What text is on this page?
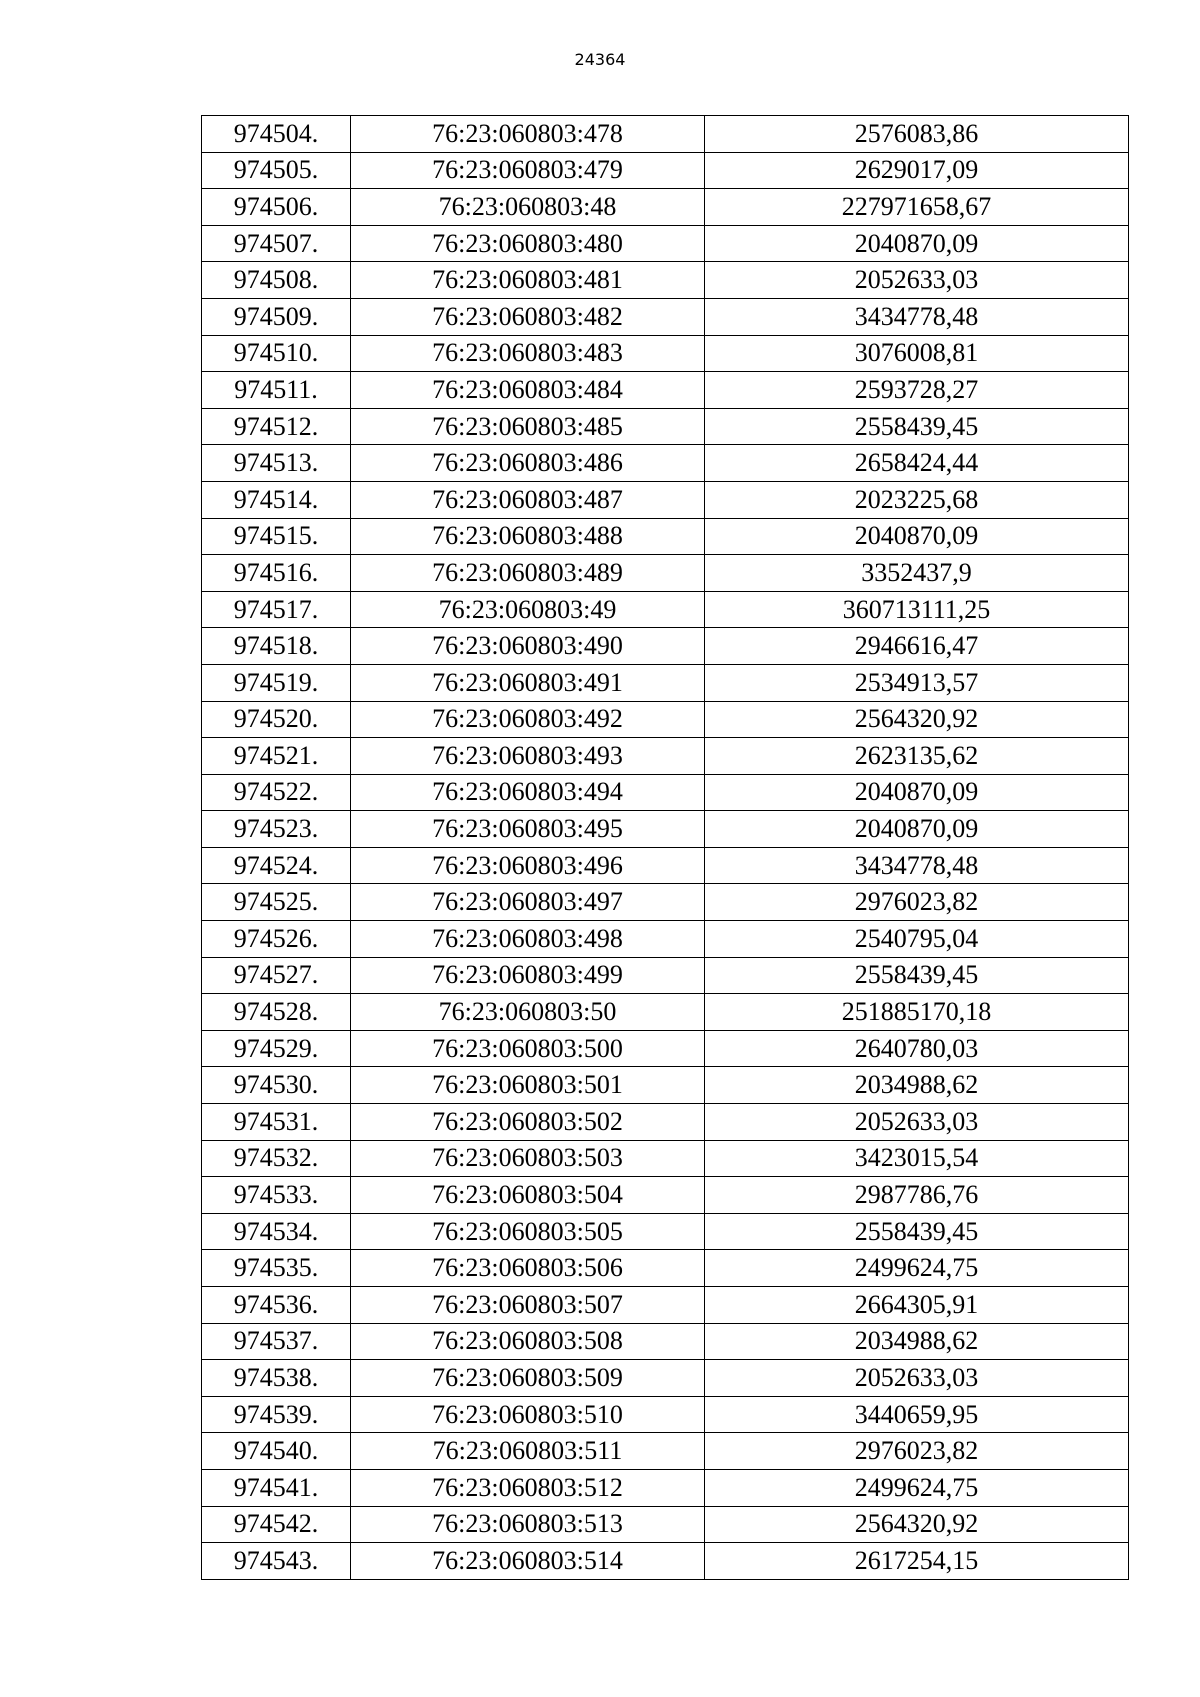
24364
974504.	76:23:060803:478	2576083,86
974505.	76:23:060803:479	2629017,09
974506.	76:23:060803:48	227971658,67
974507.	76:23:060803:480	2040870,09
974508.	76:23:060803:481	2052633,03
974509.	76:23:060803:482	3434778,48
974510.	76:23:060803:483	3076008,81
974511.	76:23:060803:484	2593728,27
974512.	76:23:060803:485	2558439,45
974513.	76:23:060803:486	2658424,44
974514.	76:23:060803:487	2023225,68
974515.	76:23:060803:488	2040870,09
974516.	76:23:060803:489	3352437,9
974517.	76:23:060803:49	360713111,25
974518.	76:23:060803:490	2946616,47
974519.	76:23:060803:491	2534913,57
974520.	76:23:060803:492	2564320,92
974521.	76:23:060803:493	2623135,62
974522.	76:23:060803:494	2040870,09
974523.	76:23:060803:495	2040870,09
974524.	76:23:060803:496	3434778,48
974525.	76:23:060803:497	2976023,82
974526.	76:23:060803:498	2540795,04
974527.	76:23:060803:499	2558439,45
974528.	76:23:060803:50	251885170,18
974529.	76:23:060803:500	2640780,03
974530.	76:23:060803:501	2034988,62
974531.	76:23:060803:502	2052633,03
974532.	76:23:060803:503	3423015,54
974533.	76:23:060803:504	2987786,76
974534.	76:23:060803:505	2558439,45
974535.	76:23:060803:506	2499624,75
974536.	76:23:060803:507	2664305,91
974537.	76:23:060803:508	2034988,62
974538.	76:23:060803:509	2052633,03
974539.	76:23:060803:510	3440659,95
974540.	76:23:060803:511	2976023,82
974541.	76:23:060803:512	2499624,75
974542.	76:23:060803:513	2564320,92
974543.	76:23:060803:514	2617254,15
